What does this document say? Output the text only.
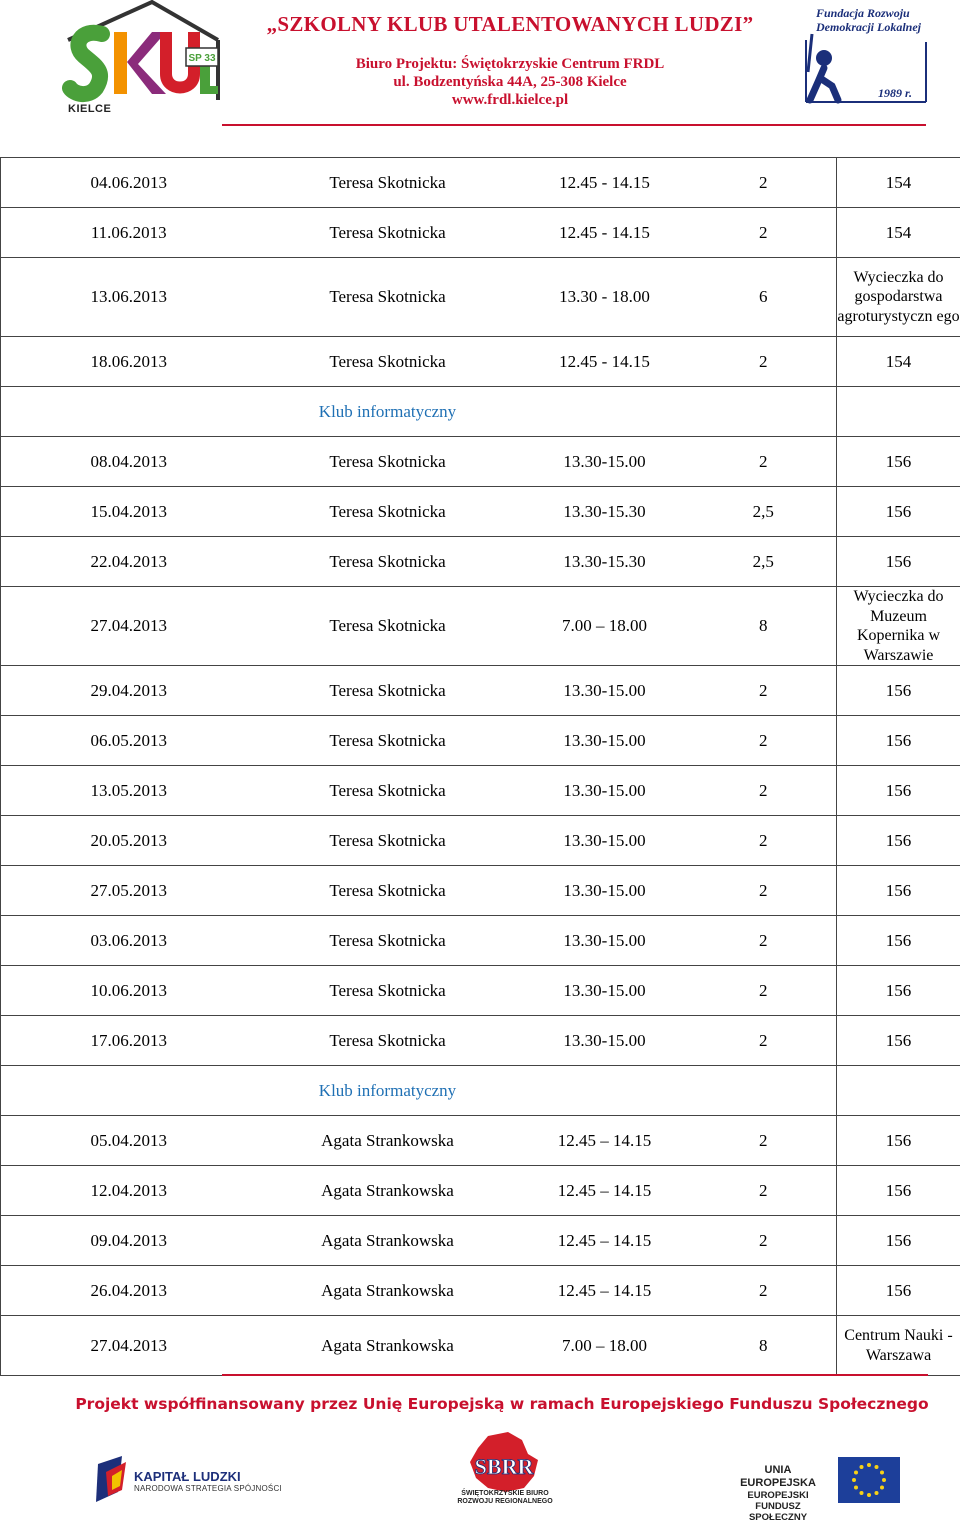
SP 33
KIELCE
„SZKOLNY KLUB UTALENTOWANYCH LUDZI”
Biuro Projektu: Świętokrzyskie Centrum FRDL
ul. Bodzentyńska 44A, 25-308 Kielce
www.frdl.kielce.pl
Fundacja Rozwoju
Demokracji Lokalnej
1989 r.
04.06.2013	Teresa Skotnicka	12.45 - 14.15	2	154
11.06.2013	Teresa Skotnicka	12.45 - 14.15	2	154
13.06.2013	Teresa Skotnicka	13.30 - 18.00	6	Wycieczka do gospodarstwa agroturystyczn ego
18.06.2013	Teresa Skotnicka	12.45 - 14.15	2	154
	Klub informatyczny			
08.04.2013	Teresa Skotnicka	13.30-15.00	2	156
15.04.2013	Teresa Skotnicka	13.30-15.30	2,5	156
22.04.2013	Teresa Skotnicka	13.30-15.30	2,5	156
27.04.2013	Teresa Skotnicka	7.00 – 18.00	8	Wycieczka do Muzeum Kopernika w Warszawie
29.04.2013	Teresa Skotnicka	13.30-15.00	2	156
06.05.2013	Teresa Skotnicka	13.30-15.00	2	156
13.05.2013	Teresa Skotnicka	13.30-15.00	2	156
20.05.2013	Teresa Skotnicka	13.30-15.00	2	156
27.05.2013	Teresa Skotnicka	13.30-15.00	2	156
03.06.2013	Teresa Skotnicka	13.30-15.00	2	156
10.06.2013	Teresa Skotnicka	13.30-15.00	2	156
17.06.2013	Teresa Skotnicka	13.30-15.00	2	156
	Klub informatyczny			
05.04.2013	Agata Strankowska	12.45 – 14.15	2	156
12.04.2013	Agata Strankowska	12.45 – 14.15	2	156
09.04.2013	Agata Strankowska	12.45 – 14.15	2	156
26.04.2013	Agata Strankowska	12.45 – 14.15	2	156
27.04.2013	Agata Strankowska	7.00 – 18.00	8	Centrum Nauki - Warszawa
Projekt współfinansowany przez Unię Europejską w ramach Europejskiego Funduszu Społecznego
KAPITAŁ LUDZKI
NARODOWA STRATEGIA SPÓJNOŚCI
SBRR
ŚWIĘTOKRZYSKIE BIURO
ROZWOJU REGIONALNEGO
UNIA EUROPEJSKA
EUROPEJSKI
FUNDUSZ SPOŁECZNY
